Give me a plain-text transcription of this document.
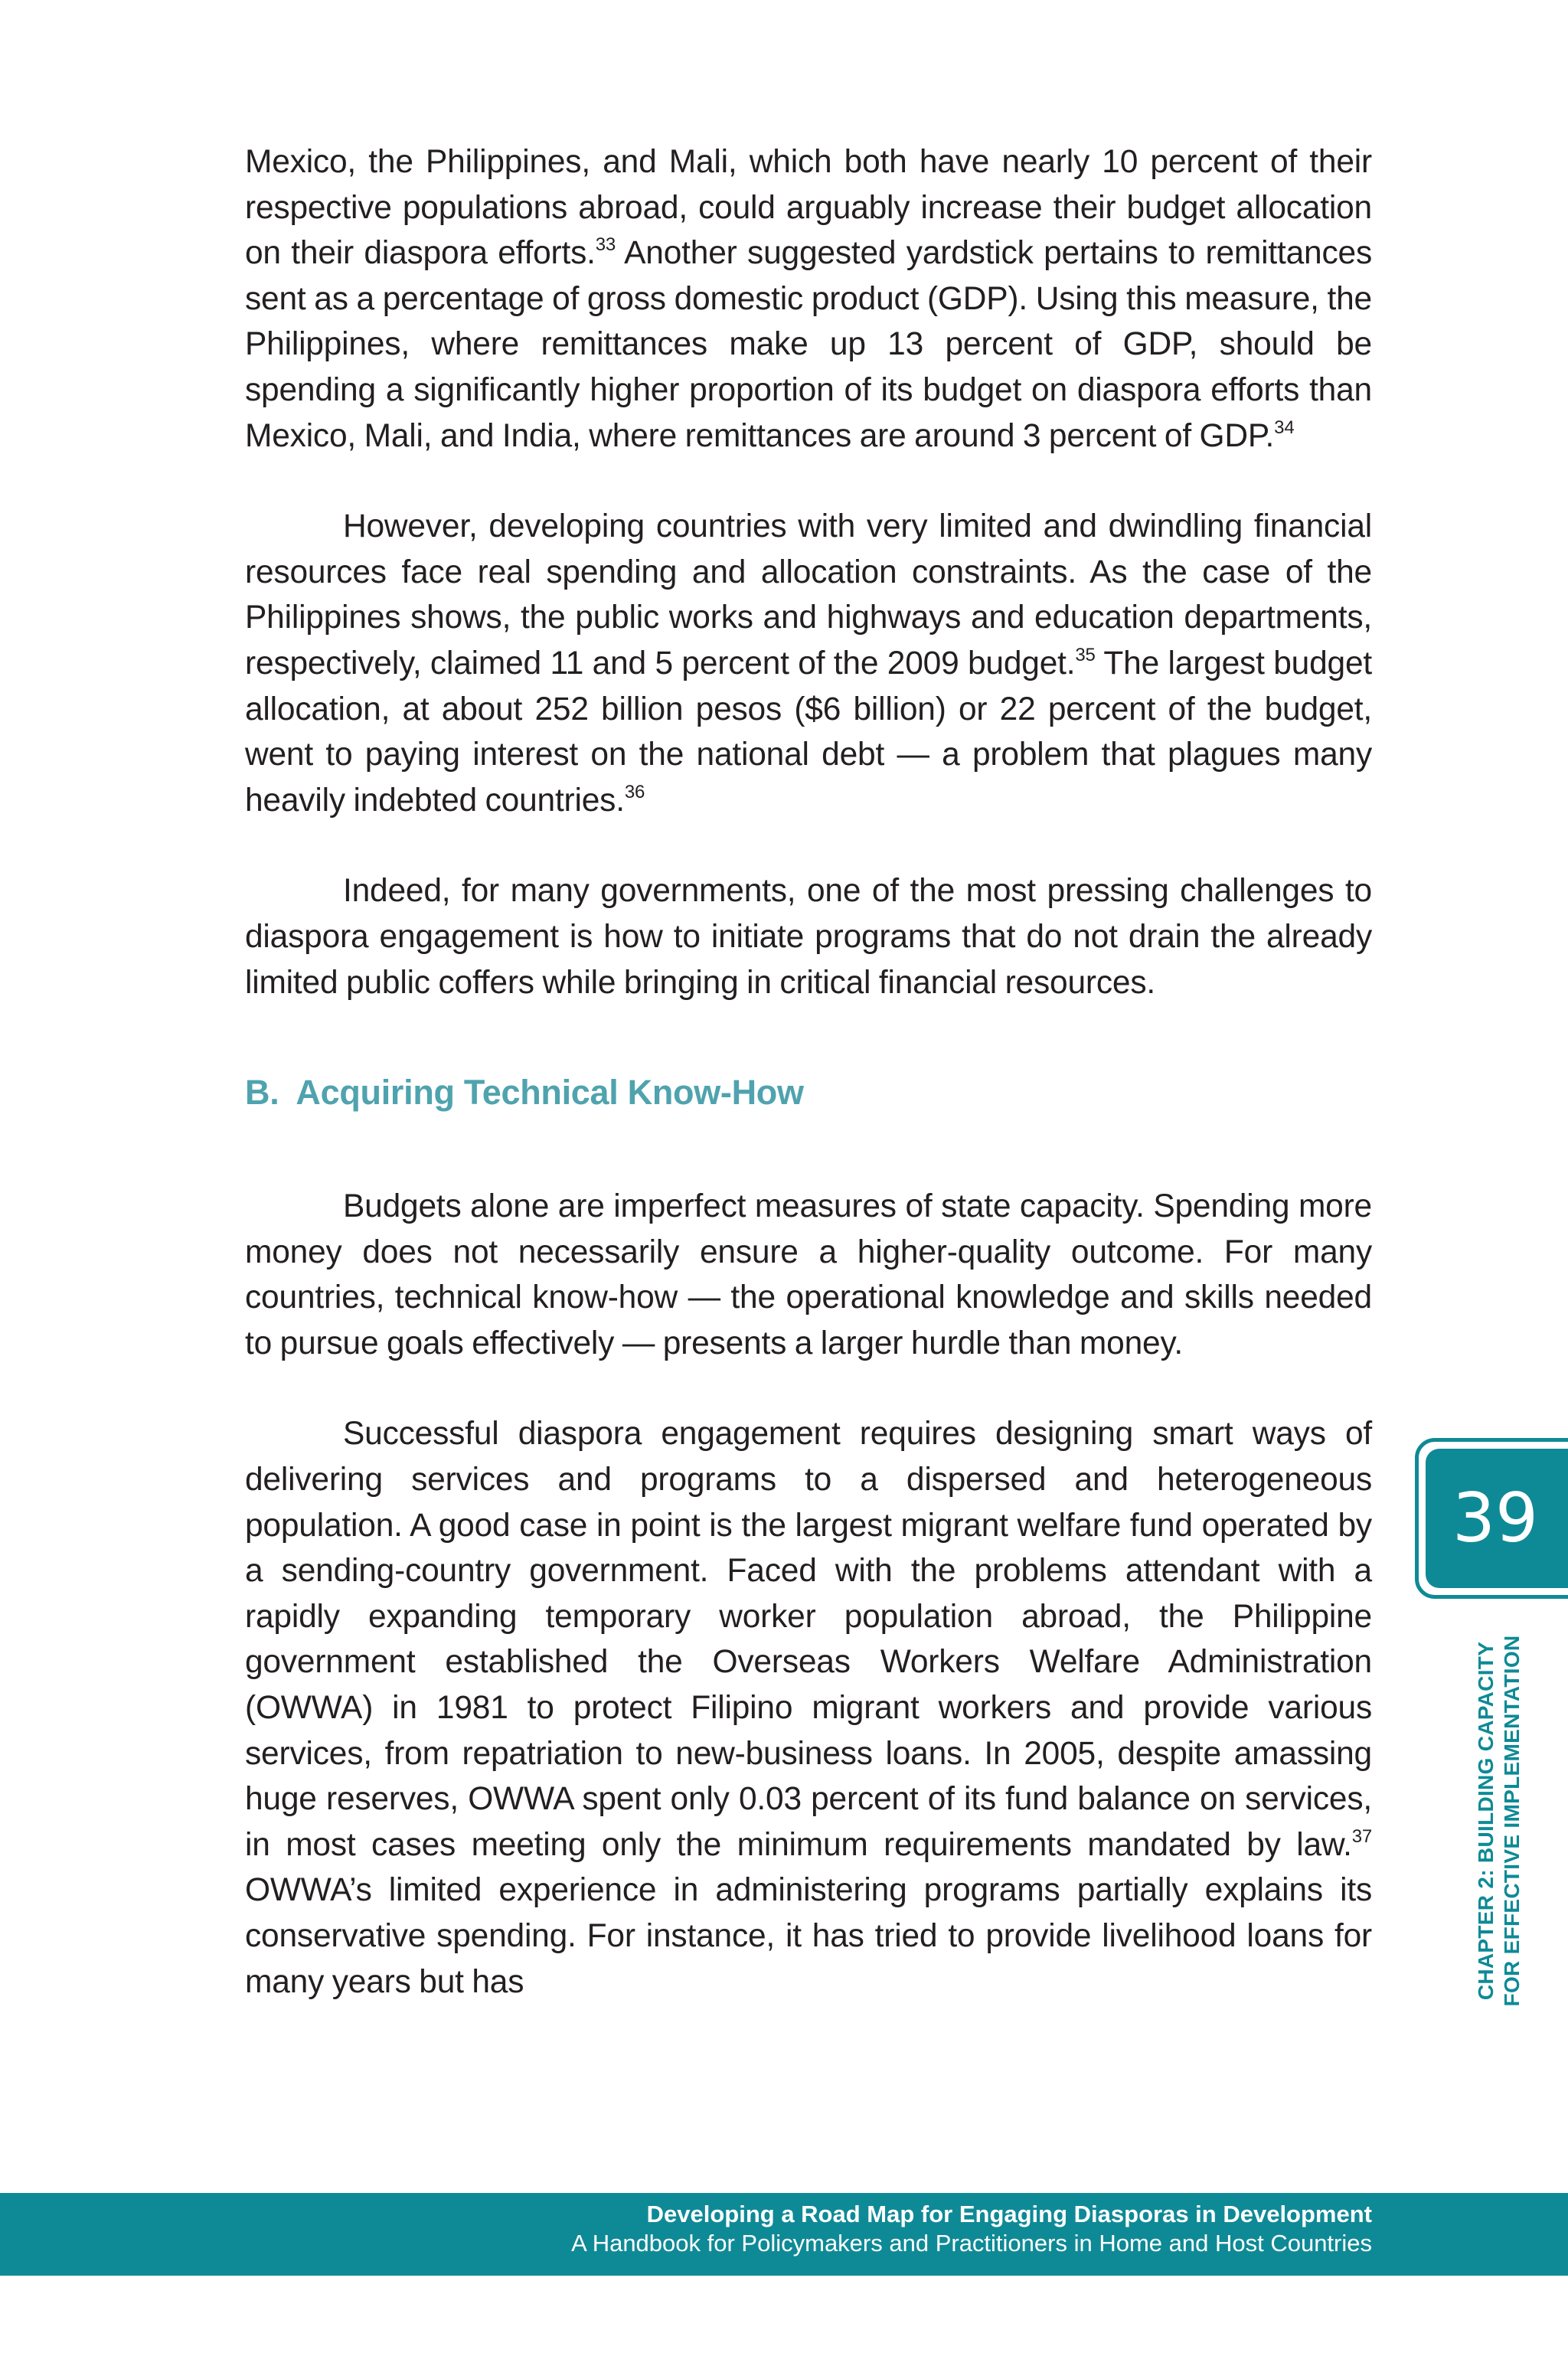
Mexico, the Philippines, and Mali, which both have nearly 10 percent of their respective populations abroad, could arguably increase their budget allocation on their diaspora efforts.$^{33}$ Another suggested yardstick pertains to remittances sent as a percentage of gross domestic product (GDP). Using this measure, the Philippines, where remittances make up 13 percent of GDP, should be spending a significantly higher proportion of its budget on diaspora efforts than Mexico, Mali, and India, where remittances are around 3 percent of GDP.$^{34}$

However, developing countries with very limited and dwindling financial resources face real spending and allocation constraints. As the case of the Philippines shows, the public works and highways and education departments, respectively, claimed 11 and 5 percent of the 2009 budget.$^{35}$ The largest budget allocation, at about 252 billion pesos ($6 billion) or 22 percent of the budget, went to paying interest on the national debt — a problem that plagues many heavily indebted countries.$^{36}$

Indeed, for many governments, one of the most pressing challenges to diaspora engagement is how to initiate programs that do not drain the already limited public coffers while bringing in critical financial resources.

B. Acquiring Technical Know-How

Budgets alone are imperfect measures of state capacity. Spending more money does not necessarily ensure a higher-quality outcome. For many countries, technical know-how — the operational knowledge and skills needed to pursue goals effectively — presents a larger hurdle than money.

Successful diaspora engagement requires designing smart ways of delivering services and programs to a dispersed and heterogeneous population. A good case in point is the largest migrant welfare fund operated by a sending-country government. Faced with the problems attendant with a rapidly expanding temporary worker population abroad, the Philippine government established the Overseas Workers Welfare Administration (OWWA) in 1981 to protect Filipino migrant workers and provide various services, from repatriation to new-business loans. In 2005, despite amassing huge reserves, OWWA spent only 0.03 percent of its fund balance on services, in most cases meeting only the minimum requirements mandated by law.$^{37}$ OWWA’s limited experience in administering programs partially explains its conservative spending. For instance, it has tried to provide livelihood loans for many years but has

39
CHAPTER 2: BUILDING CAPACITY FOR EFFECTIVE IMPLEMENTATION
Developing a Road Map for Engaging Diasporas in Development
A Handbook for Policymakers and Practitioners in Home and Host Countries
